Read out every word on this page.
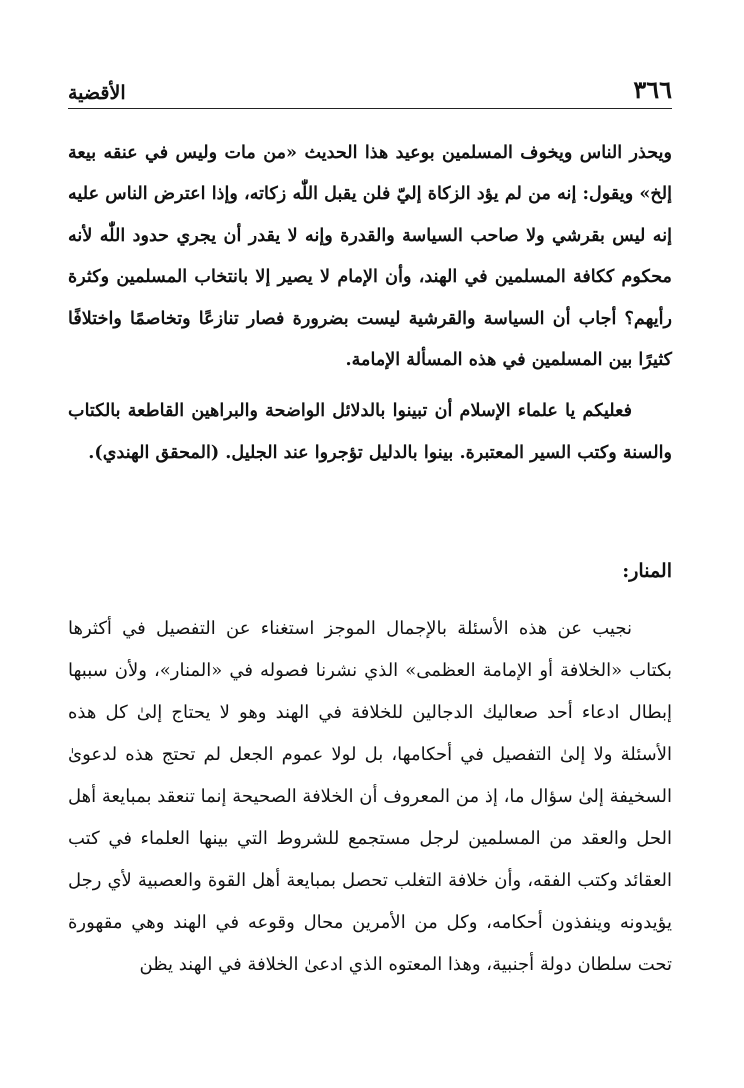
٣٦٦
الأقضية

ويحذر الناس ويخوف المسلمين بوعيد هذا الحديث «من مات وليس في عنقه بيعة إلخ» ويقول: إنه من لم يؤد الزكاة إليّ فلن يقبل اللّٰه زكاته، وإذا اعترض الناس عليه إنه ليس بقرشي ولا صاحب السياسة والقدرة وإنه لا يقدر أن يجري حدود اللّٰه لأنه محكوم ككافة المسلمين في الهند، وأن الإمام لا يصير إلا بانتخاب المسلمين وكثرة رأيهم؟ أجاب أن السياسة والقرشية ليست بضرورة فصار تنازعًا وتخاصمًا واختلافًا كثيرًا بين المسلمين في هذه المسألة الإمامة.

فعليكم يا علماء الإسلام أن تبينوا بالدلائل الواضحة والبراهين القاطعة بالكتاب والسنة وكتب السير المعتبرة. بينوا بالدليل تؤجروا عند الجليل. (المحقق الهندي).

المنار:

نجيب عن هذه الأسئلة بالإجمال الموجز استغناء عن التفصيل في أكثرها بكتاب «الخلافة أو الإمامة العظمى» الذي نشرنا فصوله في «المنار»، ولأن سببها إبطال ادعاء أحد صعاليك الدجالين للخلافة في الهند وهو لا يحتاج إلىٰ كل هذه الأسئلة ولا إلىٰ التفصيل في أحكامها، بل لولا عموم الجعل لم تحتج هذه لدعوىٰ السخيفة إلىٰ سؤال ما، إذ من المعروف أن الخلافة الصحيحة إنما تنعقد بمبايعة أهل الحل والعقد من المسلمين لرجل مستجمع للشروط التي بينها العلماء في كتب العقائد وكتب الفقه، وأن خلافة التغلب تحصل بمبايعة أهل القوة والعصبية لأي رجل يؤيدونه وينفذون أحكامه، وكل من الأمرين محال وقوعه في الهند وهي مقهورة تحت سلطان دولة أجنبية، وهذا المعتوه الذي ادعىٰ الخلافة في الهند يظن
